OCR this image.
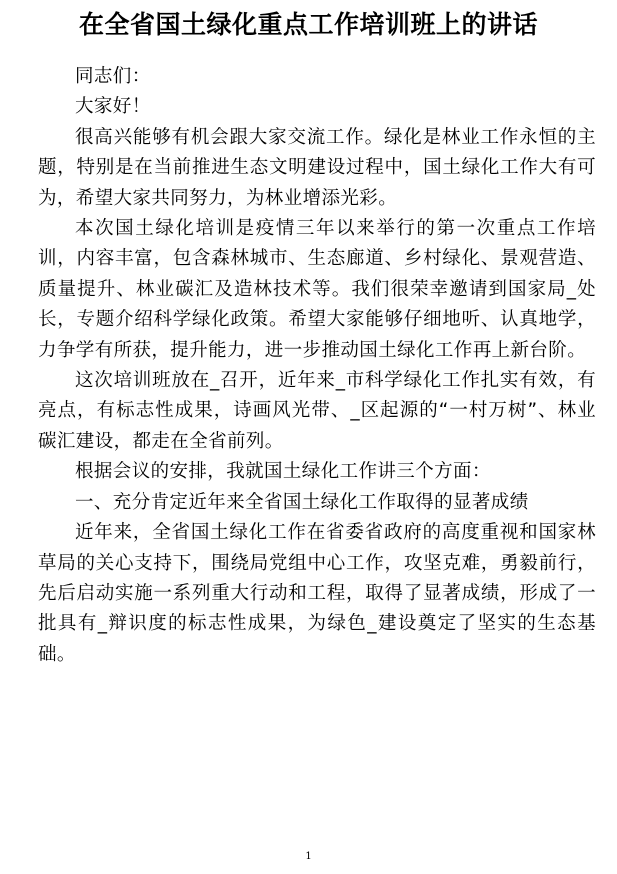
在全省国土绿化重点工作培训班上的讲话

同志们：

大家好！

很高兴能够有机会跟大家交流工作。绿化是林业工作永恒的主题，特别是在当前推进生态文明建设过程中，国土绿化工作大有可为，希望大家共同努力，为林业增添光彩。

本次国土绿化培训是疫情三年以来举行的第一次重点工作培训，内容丰富，包含森林城市、生态廊道、乡村绿化、景观营造、质量提升、林业碳汇及造林技术等。我们很荣幸邀请到国家局_处长，专题介绍科学绿化政策。希望大家能够仔细地听、认真地学，力争学有所获，提升能力，进一步推动国土绿化工作再上新台阶。

这次培训班放在_召开，近年来_市科学绿化工作扎实有效，有亮点，有标志性成果，诗画风光带、_区起源的“一村万树”、林业碳汇建设，都走在全省前列。

根据会议的安排，我就国土绿化工作讲三个方面：

一、充分肯定近年来全省国土绿化工作取得的显著成绩

近年来，全省国土绿化工作在省委省政府的高度重视和国家林草局的关心支持下，围绕局党组中心工作，攻坚克难，勇毅前行，先后启动实施一系列重大行动和工程，取得了显著成绩，形成了一批具有_辩识度的标志性成果，为绿色_建设奠定了坚实的生态基础。

1
